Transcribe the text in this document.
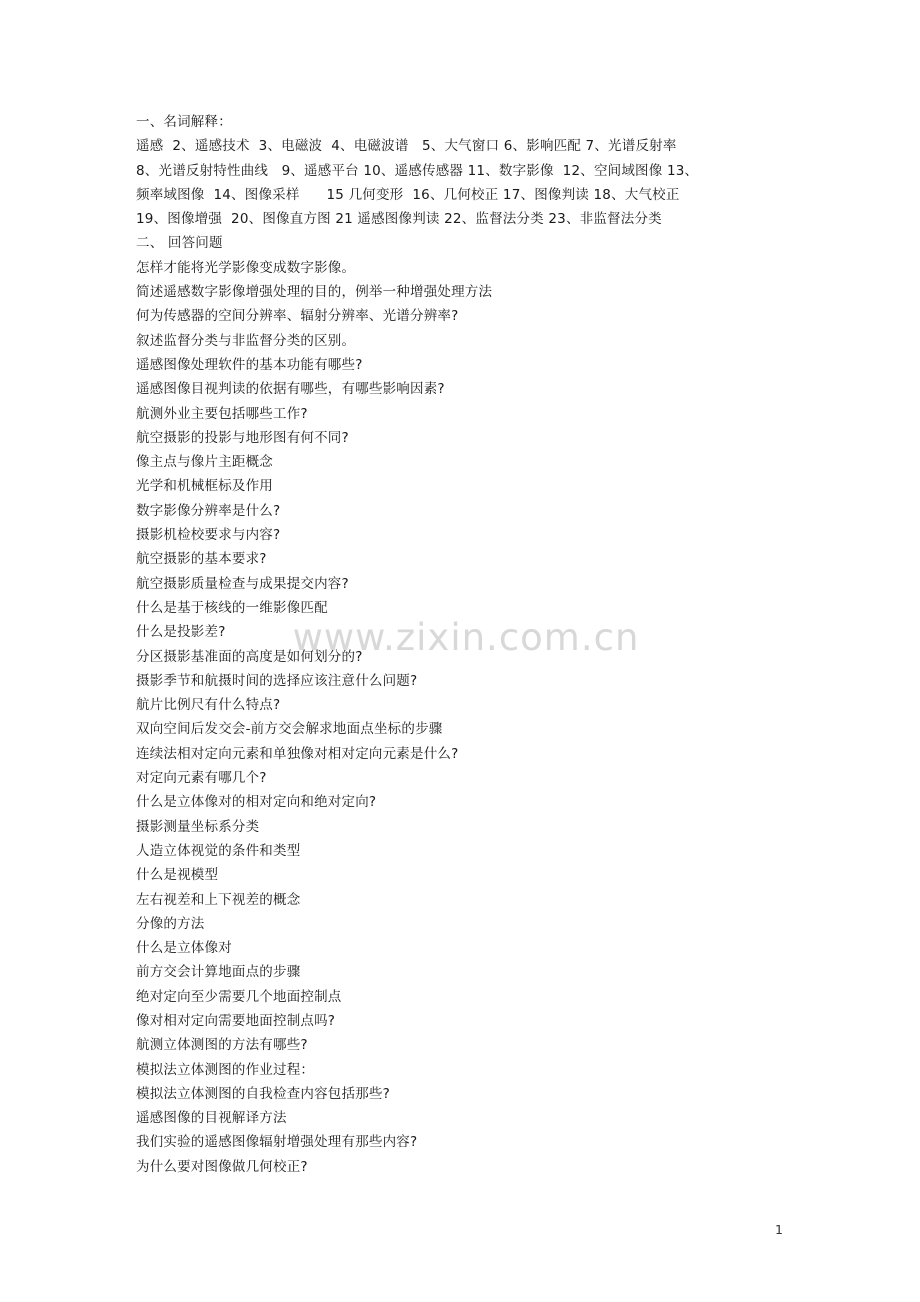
一、名词解释：
遥感  2、遥感技术  3、电磁波  4、电磁波谱   5、大气窗口 6、影响匹配 7、光谱反射率
8、光谱反射特性曲线   9、遥感平台 10、遥感传感器 11、数字影像  12、空间域图像 13、
频率域图像  14、图像采样      15 几何变形  16、几何校正 17、图像判读 18、大气校正
19、图像增强  20、图像直方图 21 遥感图像判读 22、监督法分类 23、非监督法分类
二、 回答问题
怎样才能将光学影像变成数字影像。
简述遥感数字影像增强处理的目的，例举一种增强处理方法
何为传感器的空间分辨率、辐射分辨率、光谱分辨率?
叙述监督分类与非监督分类的区别。
遥感图像处理软件的基本功能有哪些?
遥感图像目视判读的依据有哪些，有哪些影响因素?
航测外业主要包括哪些工作?
航空摄影的投影与地形图有何不同?
像主点与像片主距概念
光学和机械框标及作用
数字影像分辨率是什么?
摄影机检校要求与内容?
航空摄影的基本要求?
航空摄影质量检查与成果提交内容?
什么是基于核线的一维影像匹配
什么是投影差?
分区摄影基准面的高度是如何划分的?
摄影季节和航摄时间的选择应该注意什么问题?
航片比例尺有什么特点?
双向空间后发交会-前方交会解求地面点坐标的步骤
连续法相对定向元素和单独像对相对定向元素是什么?
对定向元素有哪几个?
什么是立体像对的相对定向和绝对定向?
摄影测量坐标系分类
人造立体视觉的条件和类型
什么是视模型
左右视差和上下视差的概念
分像的方法
什么是立体像对
前方交会计算地面点的步骤
绝对定向至少需要几个地面控制点
像对相对定向需要地面控制点吗?
航测立体测图的方法有哪些?
模拟法立体测图的作业过程：
模拟法立体测图的自我检查内容包括那些?
遥感图像的目视解译方法
我们实验的遥感图像辐射增强处理有那些内容?
为什么要对图像做几何校正?
www.zixin.com.cn
1
